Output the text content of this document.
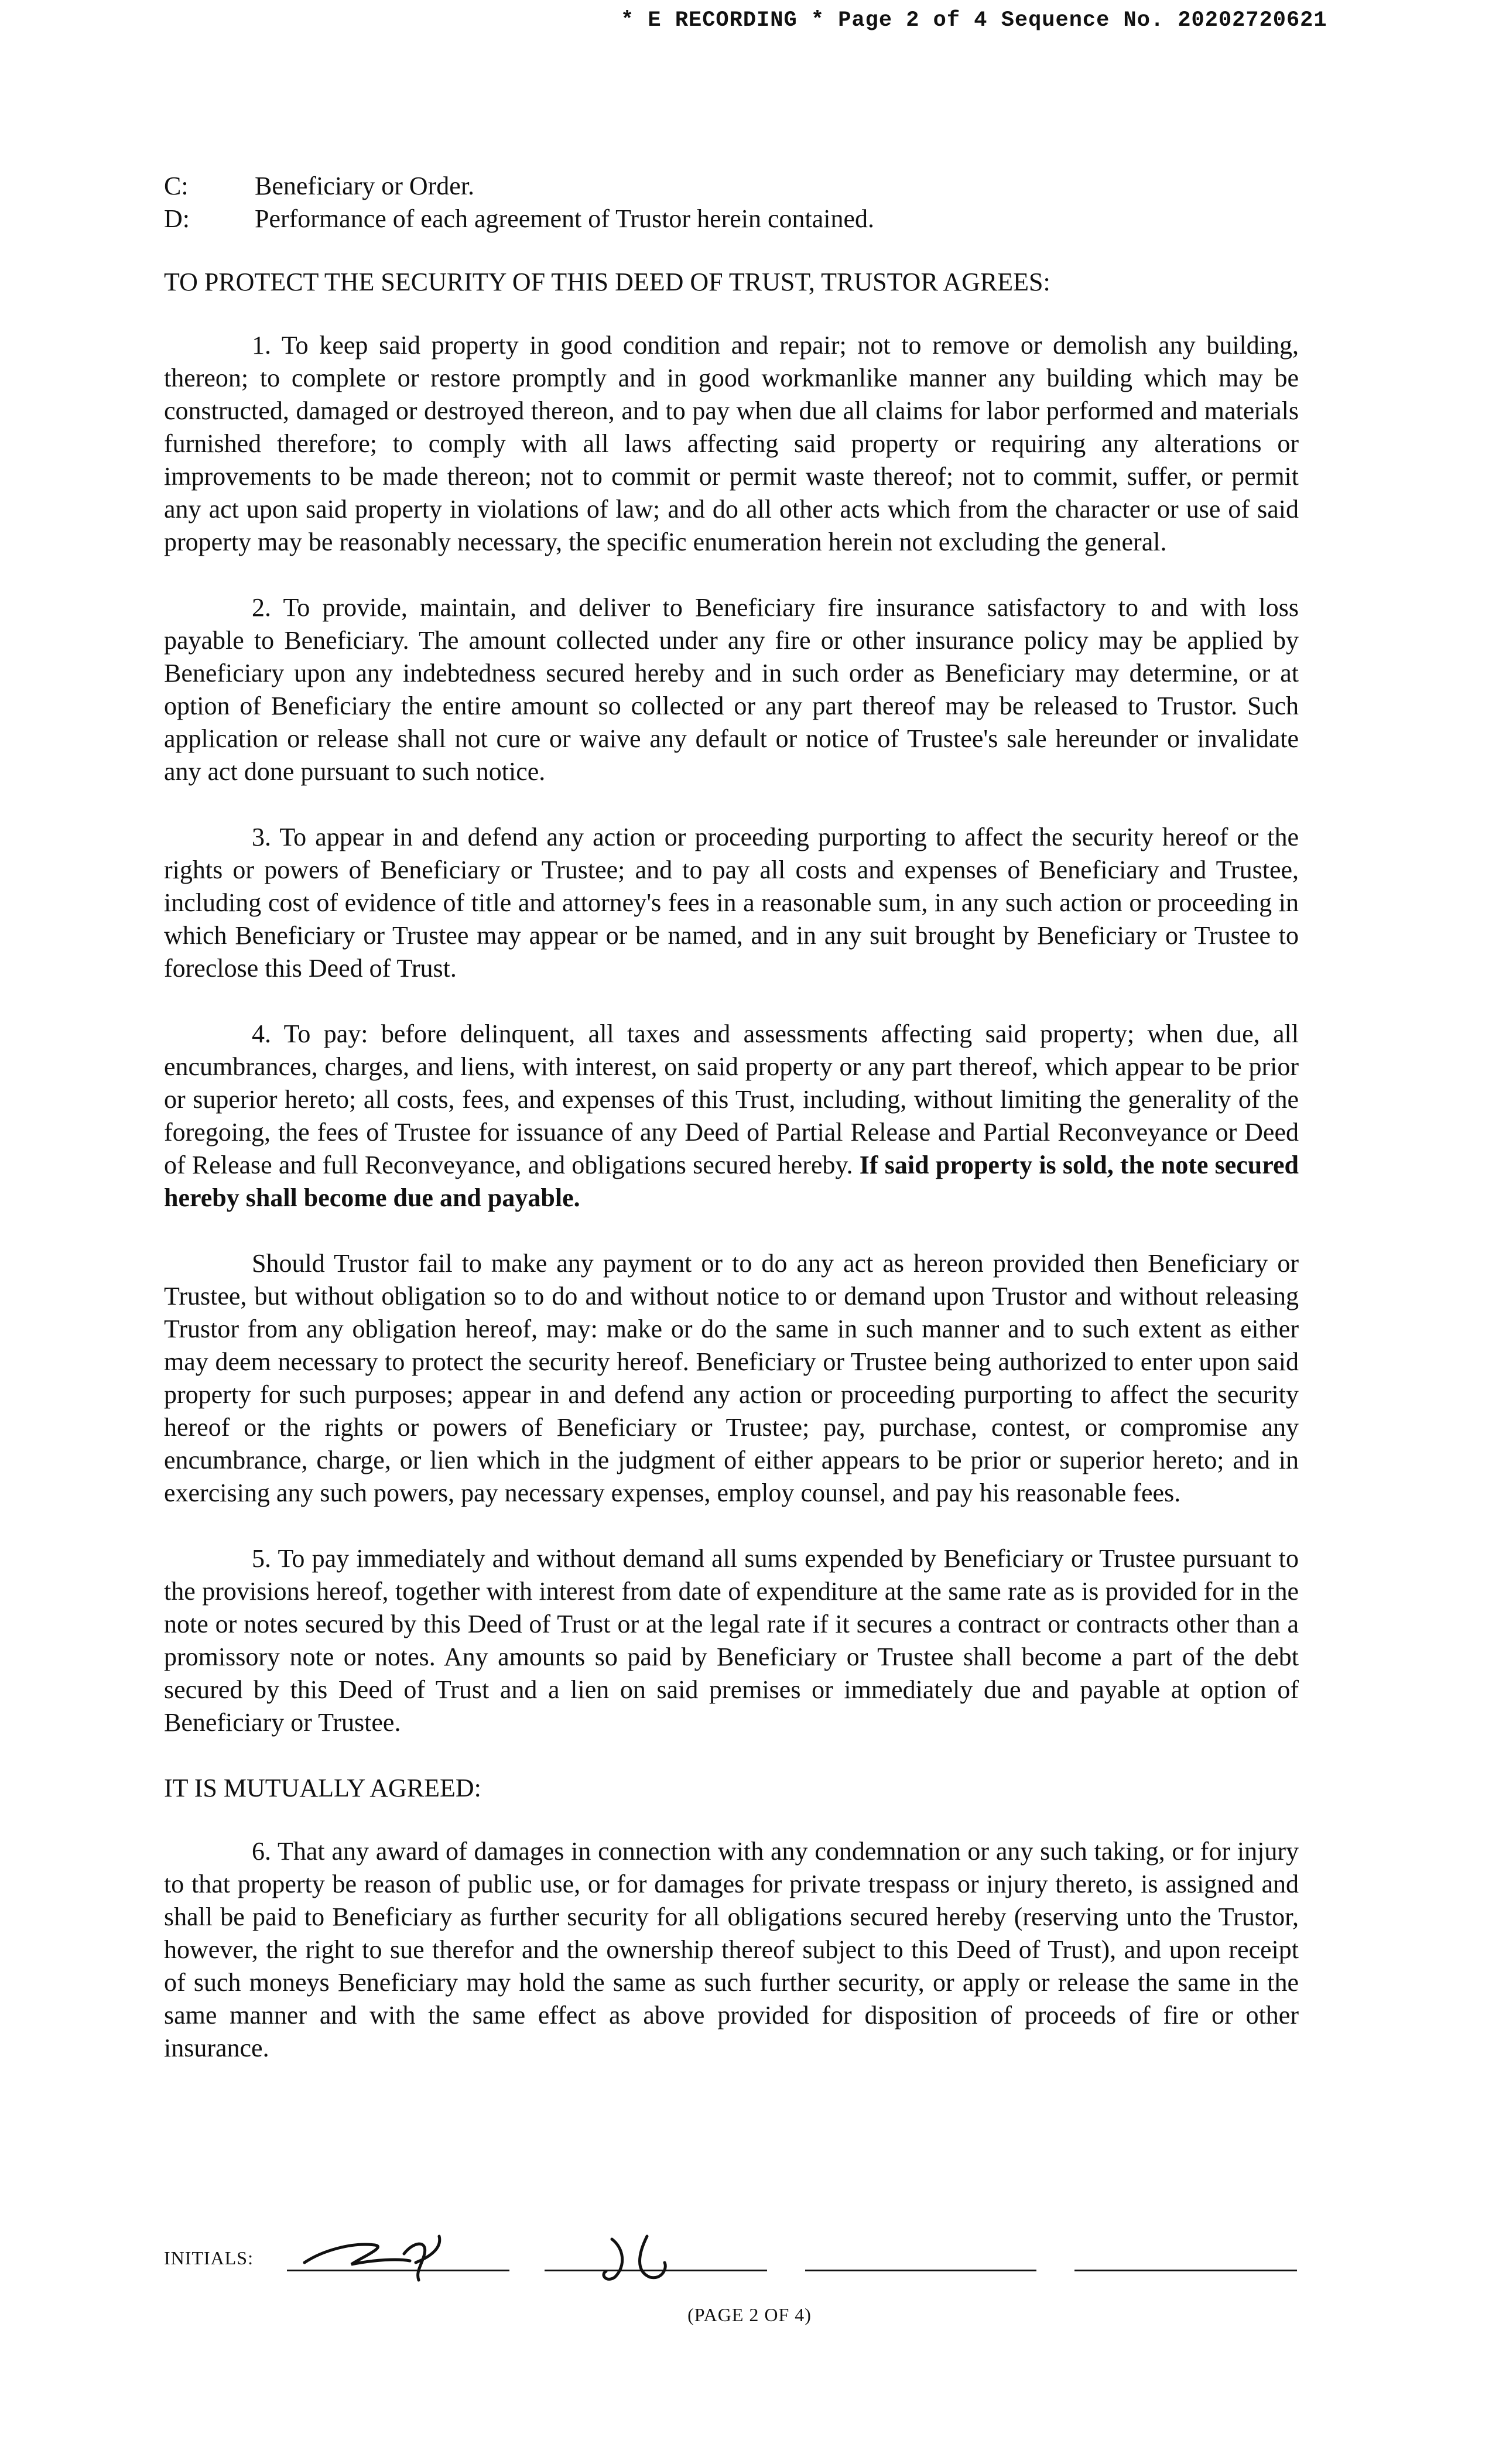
* E RECORDING * Page 2 of 4 Sequence No. 20202720621
C:	Beneficiary or Order.
D:	Performance of each agreement of Trustor herein contained.
TO PROTECT THE SECURITY OF THIS DEED OF TRUST, TRUSTOR AGREES:

1. To keep said property in good condition and repair; not to remove or demolish any building, thereon; to complete or restore promptly and in good workmanlike manner any building which may be constructed, damaged or destroyed thereon, and to pay when due all claims for labor performed and materials furnished therefore; to comply with all laws affecting said property or requiring any alterations or improvements to be made thereon; not to commit or permit waste thereof; not to commit, suffer, or permit any act upon said property in violations of law; and do all other acts which from the character or use of said property may be reasonably necessary, the specific enumeration herein not excluding the general.

2. To provide, maintain, and deliver to Beneficiary fire insurance satisfactory to and with loss payable to Beneficiary. The amount collected under any fire or other insurance policy may be applied by Beneficiary upon any indebtedness secured hereby and in such order as Beneficiary may determine, or at option of Beneficiary the entire amount so collected or any part thereof may be released to Trustor. Such application or release shall not cure or waive any default or notice of Trustee's sale hereunder or invalidate any act done pursuant to such notice.

3. To appear in and defend any action or proceeding purporting to affect the security hereof or the rights or powers of Beneficiary or Trustee; and to pay all costs and expenses of Beneficiary and Trustee, including cost of evidence of title and attorney's fees in a reasonable sum, in any such action or proceeding in which Beneficiary or Trustee may appear or be named, and in any suit brought by Beneficiary or Trustee to foreclose this Deed of Trust.

4. To pay: before delinquent, all taxes and assessments affecting said property; when due, all encumbrances, charges, and liens, with interest, on said property or any part thereof, which appear to be prior or superior hereto; all costs, fees, and expenses of this Trust, including, without limiting the generality of the foregoing, the fees of Trustee for issuance of any Deed of Partial Release and Partial Reconveyance or Deed of Release and full Reconveyance, and obligations secured hereby. If said property is sold, the note secured hereby shall become due and payable.

Should Trustor fail to make any payment or to do any act as hereon provided then Beneficiary or Trustee, but without obligation so to do and without notice to or demand upon Trustor and without releasing Trustor from any obligation hereof, may: make or do the same in such manner and to such extent as either may deem necessary to protect the security hereof. Beneficiary or Trustee being authorized to enter upon said property for such purposes; appear in and defend any action or proceeding purporting to affect the security hereof or the rights or powers of Beneficiary or Trustee; pay, purchase, contest, or compromise any encumbrance, charge, or lien which in the judgment of either appears to be prior or superior hereto; and in exercising any such powers, pay necessary expenses, employ counsel, and pay his reasonable fees.

5. To pay immediately and without demand all sums expended by Beneficiary or Trustee pursuant to the provisions hereof, together with interest from date of expenditure at the same rate as is provided for in the note or notes secured by this Deed of Trust or at the legal rate if it secures a contract or contracts other than a promissory note or notes. Any amounts so paid by Beneficiary or Trustee shall become a part of the debt secured by this Deed of Trust and a lien on said premises or immediately due and payable at option of Beneficiary or Trustee.

IT IS MUTUALLY AGREED:

6. That any award of damages in connection with any condemnation or any such taking, or for injury to that property be reason of public use, or for damages for private trespass or injury thereto, is assigned and shall be paid to Beneficiary as further security for all obligations secured hereby (reserving unto the Trustor, however, the right to sue therefor and the ownership thereof subject to this Deed of Trust), and upon receipt of such moneys Beneficiary may hold the same as such further security, or apply or release the same in the same manner and with the same effect as above provided for disposition of proceeds of fire or other insurance.

INITIALS:
(PAGE 2 OF 4)
